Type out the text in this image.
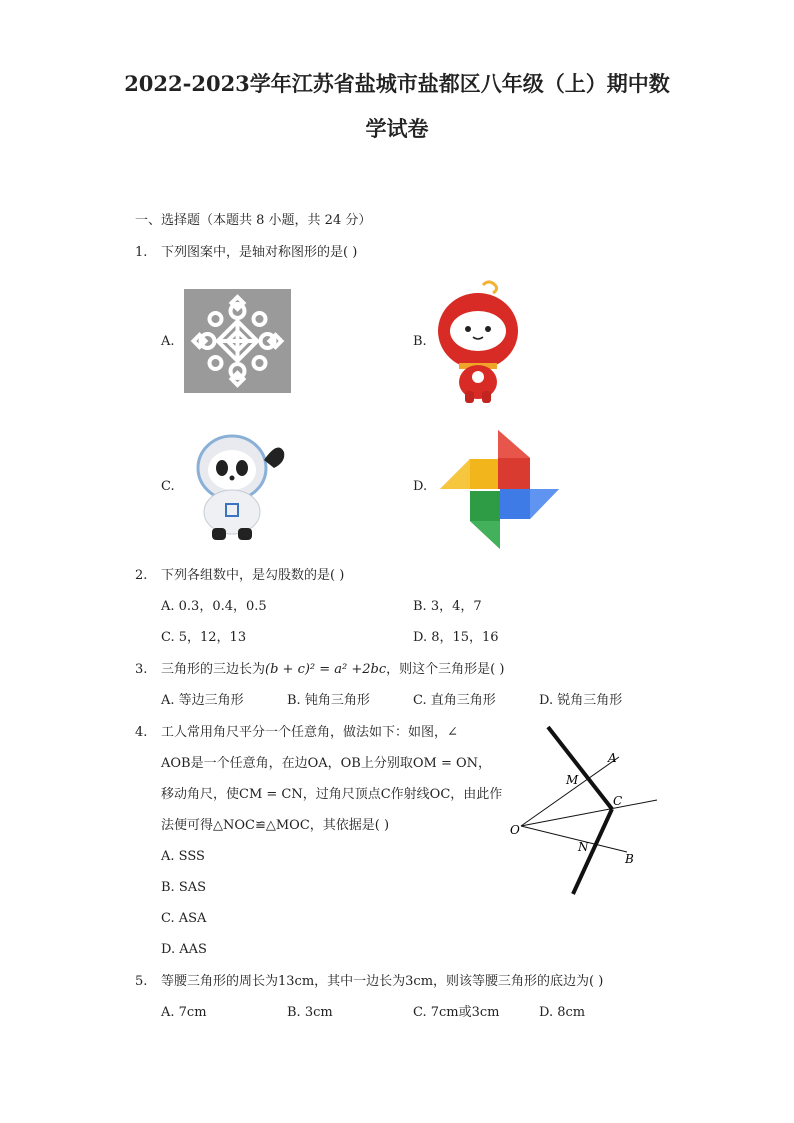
2022-2023学年江苏省盐城市盐都区八年级（上）期中数
学试卷
一、选择题（本题共 8 小题，共 24 分）
1. 下列图案中，是轴对称图形的是( )
A.	B.
C.	D.
2. 下列各组数中，是勾股数的是( )
A. 0.3，0.4，0.5	B. 3，4，7
C. 5，12，13	D. 8，15，16
3. 三角形的三边长为(b + c)² = a² +2bc，则这个三角形是( )
A. 等边三角形	B. 钝角三角形	C. 直角三角形	D. 锐角三角形
4. 工人常用角尺平分一个任意角，做法如下：如图，∠
AOB是一个任意角，在边OA，OB上分别取OM = ON，
移动角尺，使CM = CN，过角尺顶点C作射线OC，由此作
法便可得△NOC≌△MOC，其依据是( )
A. SSS
B. SAS
C. ASA
D. AAS
A
M
C
O
N
B
5. 等腰三角形的周长为13cm，其中一边长为3cm，则该等腰三角形的底边为( )
A. 7cm	B. 3cm	C. 7cm或3cm	D. 8cm
